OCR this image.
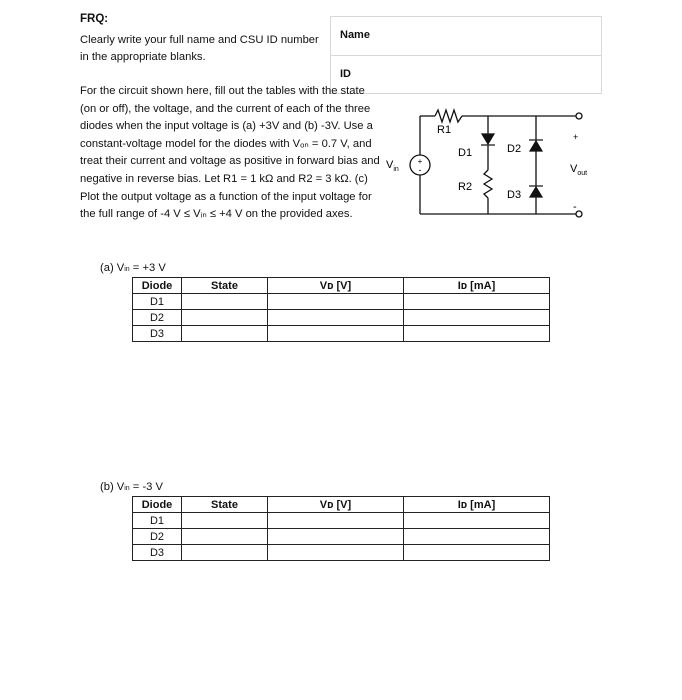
FRQ:
Clearly write your full name and CSU ID number in the appropriate blanks.
Name
ID
For the circuit shown here, fill out the tables with the state (on or off), the voltage, and the current of each of the three diodes when the input voltage is (a) +3V and (b) -3V. Use a constant-voltage model for the diodes with Vₒₙ = 0.7 V, and treat their current and voltage as positive in forward bias and negative in reverse bias. Let R1 = 1 kΩ and R2 = 3 kΩ. (c) Plot the output voltage as a function of the input voltage for the full range of -4 V ≤ Vᵢₙ ≤ +4 V on the provided axes.
+
-
$V_{in}$
R1
R2
D1	D2
D3
+
-
$V_{out}$
(a) Vin = +3 V
Diode	State	Vᴅ [V]	Iᴅ [mA]
D1			
D2			
D3			
(b) Vin = -3 V
Diode	State	Vᴅ [V]	Iᴅ [mA]
D1			
D2			
D3			
